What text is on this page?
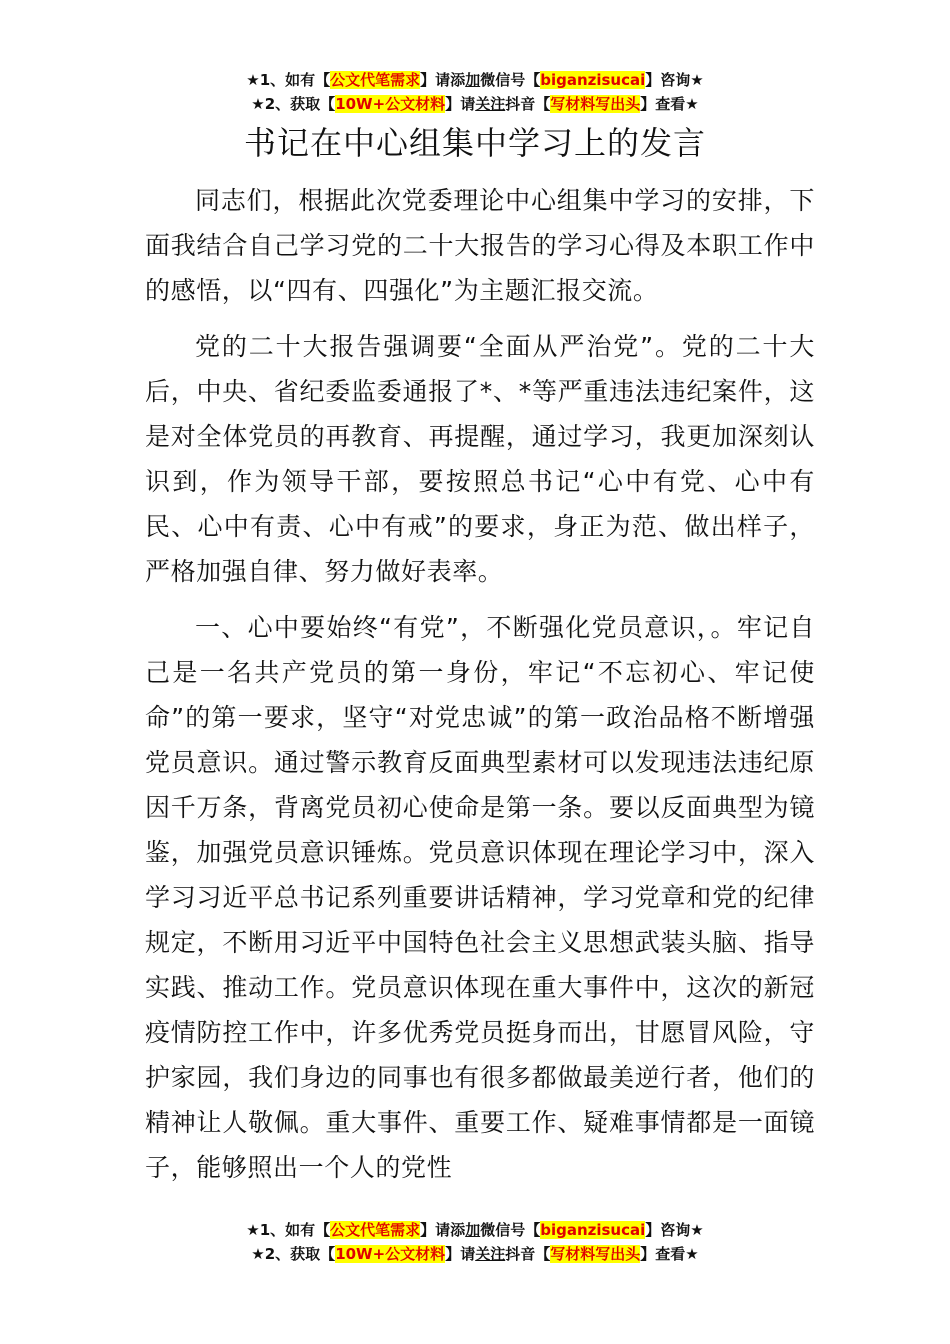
★1、如有【公文代笔需求】请添加微信号【biganzisucai】咨询★
★2、获取【10W+公文材料】请关注抖音【写材料写出头】查看★
书记在中心组集中学习上的发言

同志们，根据此次党委理论中心组集中学习的安排，下面我结合自己学习党的二十大报告的学习心得及本职工作中的感悟，以“四有、四强化”为主题汇报交流。

党的二十大报告强调要“全面从严治党”。党的二十大后，中央、省纪委监委通报了*、*等严重违法违纪案件，这是对全体党员的再教育、再提醒，通过学习，我更加深刻认识到，作为领导干部，要按照总书记“心中有党、心中有民、心中有责、心中有戒”的要求，身正为范、做出样子，严格加强自律、努力做好表率。

一、心中要始终“有党”，不断强化党员意识，。牢记自己是一名共产党员的第一身份，牢记“不忘初心、牢记使命”的第一要求，坚守“对党忠诚”的第一政治品格不断增强党员意识。通过警示教育反面典型素材可以发现违法违纪原因千万条，背离党员初心使命是第一条。要以反面典型为镜鉴，加强党员意识锤炼。党员意识体现在理论学习中，深入学习习近平总书记系列重要讲话精神，学习党章和党的纪律规定，不断用习近平中国特色社会主义思想武装头脑、指导实践、推动工作。党员意识体现在重大事件中，这次的新冠疫情防控工作中，许多优秀党员挺身而出，甘愿冒风险，守护家园，我们身边的同事也有很多都做最美逆行者，他们的精神让人敬佩。重大事件、重要工作、疑难事情都是一面镜子，能够照出一个人的党性

★1、如有【公文代笔需求】请添加微信号【biganzisucai】咨询★
★2、获取【10W+公文材料】请关注抖音【写材料写出头】查看★
